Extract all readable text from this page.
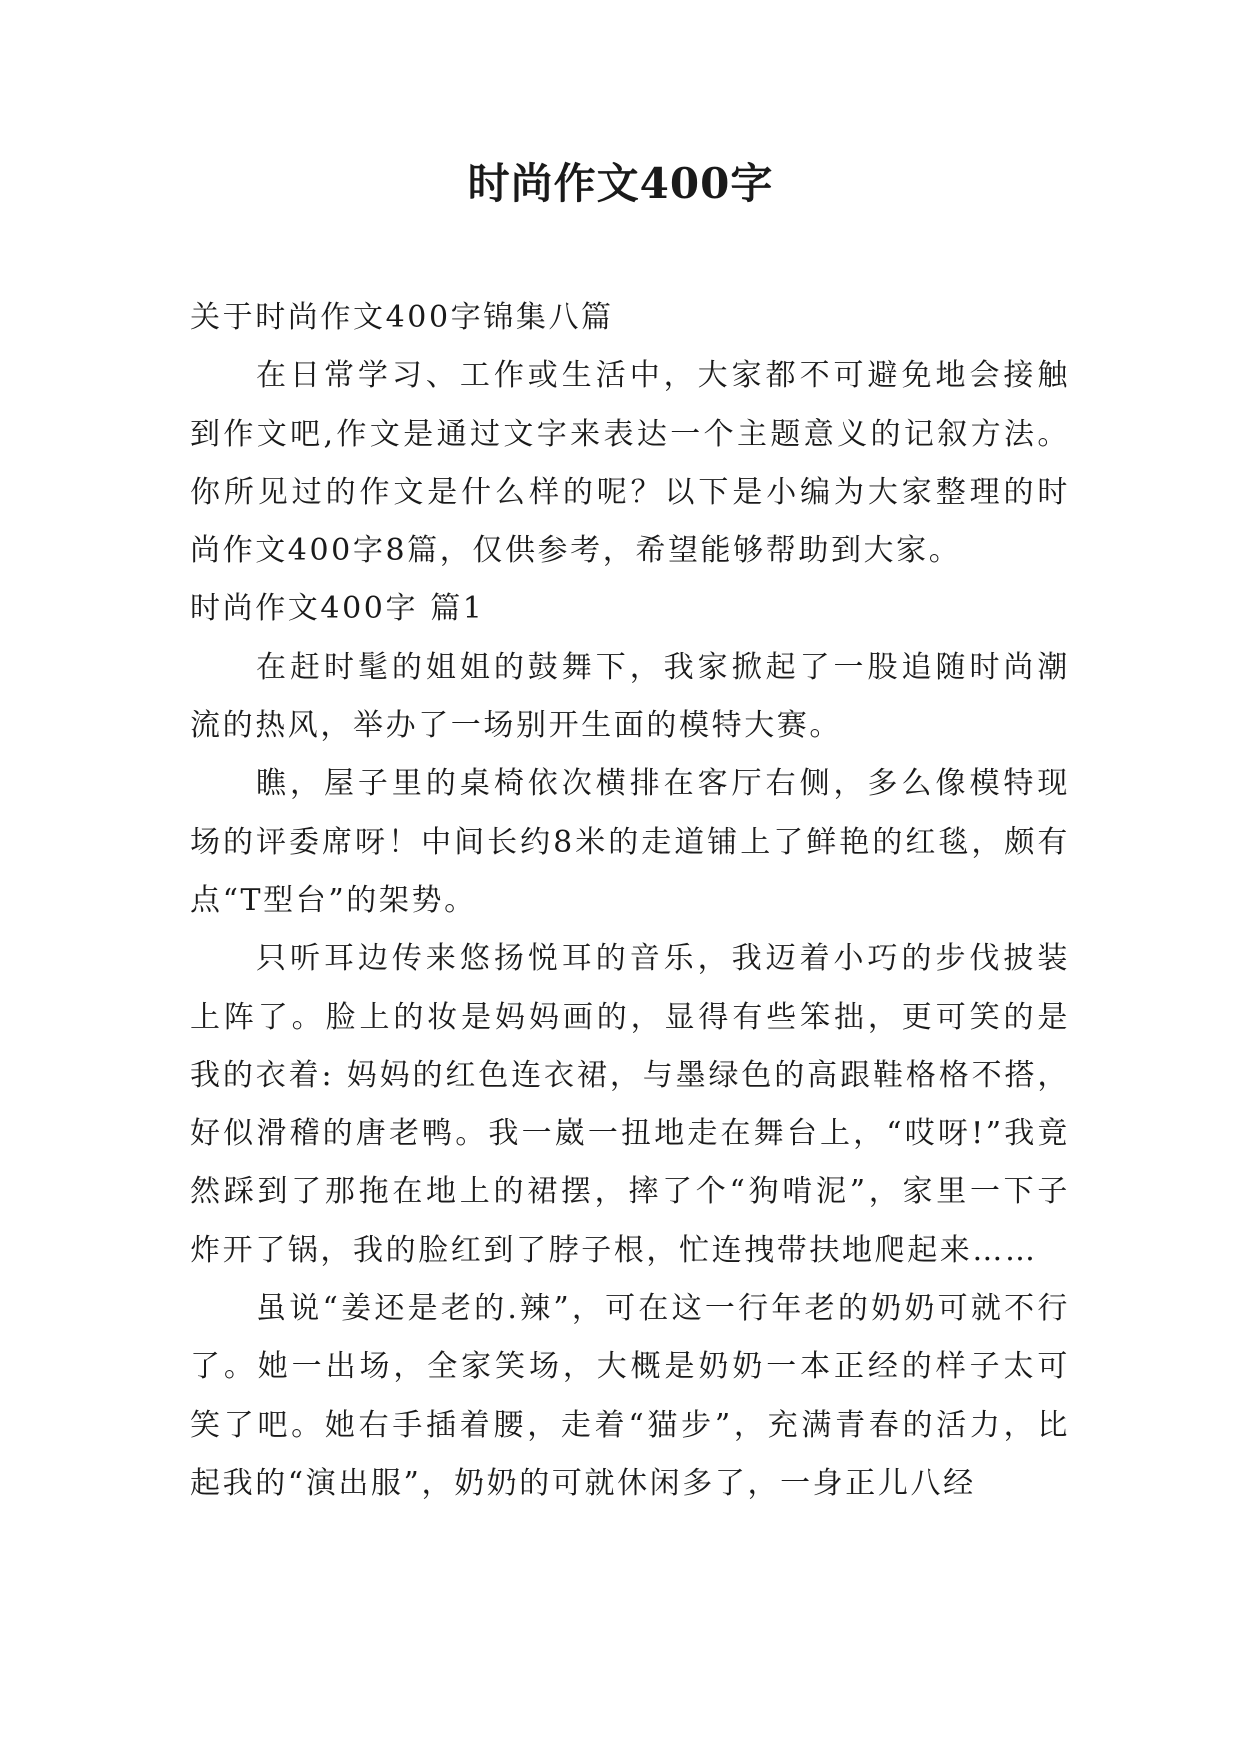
时尚作文400字

关于时尚作文400字锦集八篇

在日常学习、工作或生活中，大家都不可避免地会接触到作文吧,作文是通过文字来表达一个主题意义的记叙方法。你所见过的作文是什么样的呢？以下是小编为大家整理的时尚作文400字8篇，仅供参考，希望能够帮助到大家。

时尚作文400字 篇1

在赶时髦的姐姐的鼓舞下，我家掀起了一股追随时尚潮流的热风，举办了一场别开生面的模特大赛。

瞧，屋子里的桌椅依次横排在客厅右侧，多么像模特现场的评委席呀！中间长约8米的走道铺上了鲜艳的红毯，颇有点“T型台”的架势。

只听耳边传来悠扬悦耳的音乐，我迈着小巧的步伐披装上阵了。脸上的妆是妈妈画的，显得有些笨拙，更可笑的是我的衣着: 妈妈的红色连衣裙，与墨绿色的高跟鞋格格不搭，好似滑稽的唐老鸭。我一崴一扭地走在舞台上，“哎呀!”我竟然踩到了那拖在地上的裙摆，摔了个“狗啃泥”，家里一下子炸开了锅，我的脸红到了脖子根，忙连拽带扶地爬起来……

虽说“姜还是老的.辣”，可在这一行年老的奶奶可就不行了。她一出场，全家笑场，大概是奶奶一本正经的样子太可笑了吧。她右手插着腰，走着“猫步”，充满青春的活力，比起我的“演出服”，奶奶的可就休闲多了，一身正儿八经
